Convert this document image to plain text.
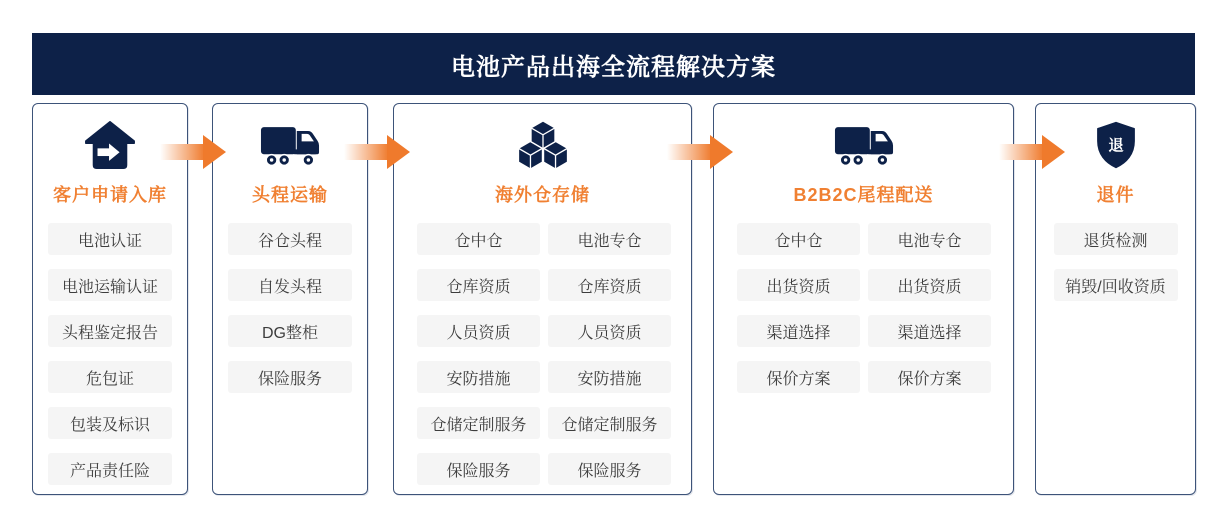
电池产品出海全流程解决方案
客户申请入库
电池认证
电池运输认证
头程鉴定报告
危包证
包装及标识
产品责任险
头程运输
谷仓头程
自发头程
DG整柜
保险服务
海外仓存储
仓中仓	电池专仓
仓库资质	仓库资质
人员资质	人员资质
安防措施	安防措施
仓储定制服务	仓储定制服务
保险服务	保险服务
B2B2C尾程配送
仓中仓	电池专仓
出货资质	出货资质
渠道选择	渠道选择
保价方案	保价方案
退
退件
退货检测
销毁/回收资质
